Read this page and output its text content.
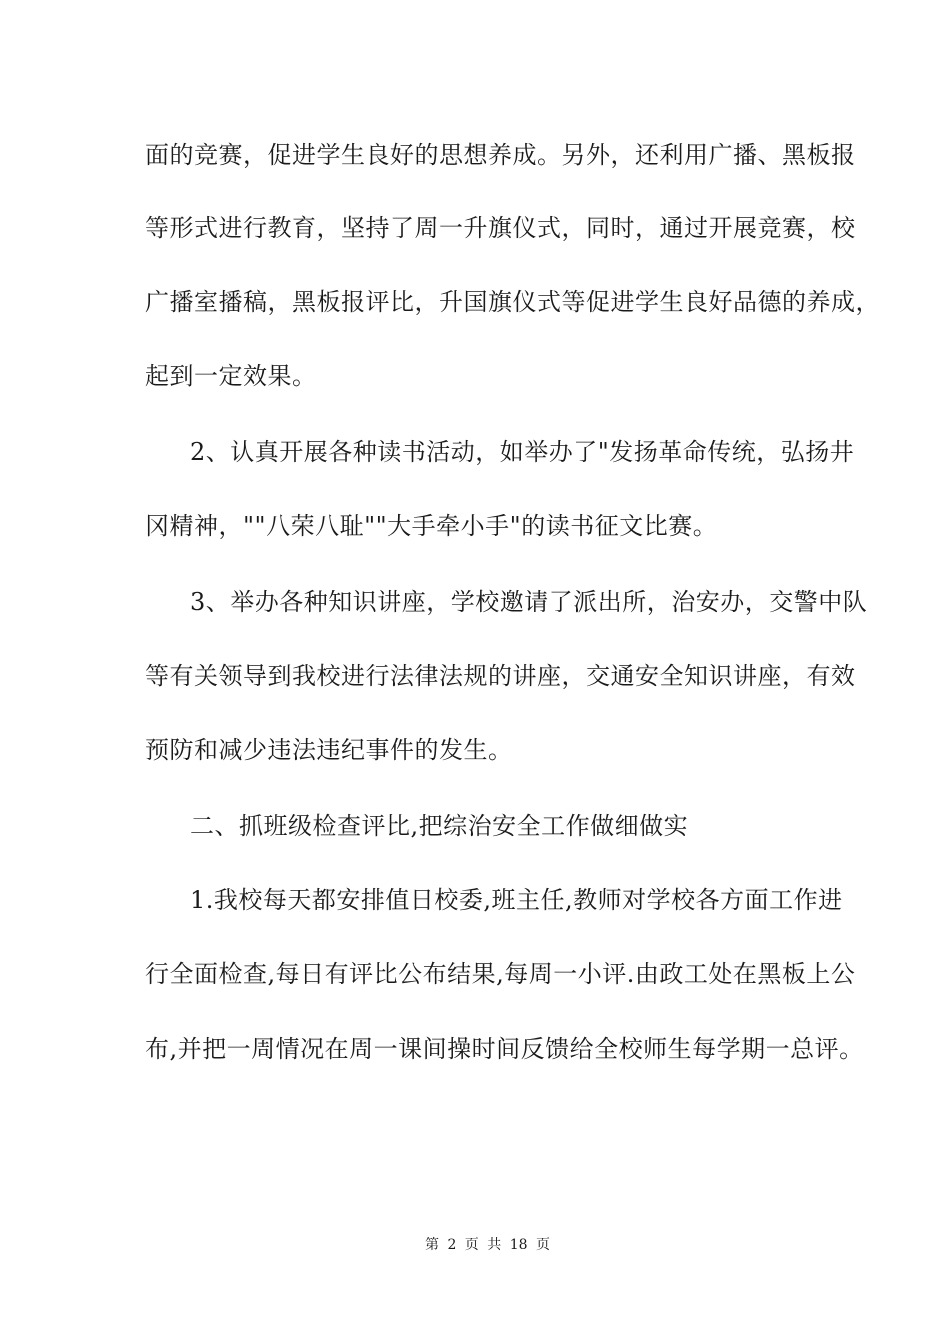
面的竞赛，促进学生良好的思想养成。另外，还利用广播、黑板报
等形式进行教育，坚持了周一升旗仪式，同时，通过开展竞赛，校
广播室播稿，黑板报评比，升国旗仪式等促进学生良好品德的养成，
起到一定效果。
2、认真开展各种读书活动，如举办了"发扬革命传统，弘扬井
冈精神，""八荣八耻""大手牵小手"的读书征文比赛。
3、举办各种知识讲座，学校邀请了派出所，治安办，交警中队
等有关领导到我校进行法律法规的讲座，交通安全知识讲座，有效
预防和减少违法违纪事件的发生。
二、抓班级检查评比,把综治安全工作做细做实
1.我校每天都安排值日校委,班主任,教师对学校各方面工作进
行全面检查,每日有评比公布结果,每周一小评.由政工处在黑板上公
布,并把一周情况在周一课间操时间反馈给全校师生每学期一总评。
第 2 页 共 18 页
